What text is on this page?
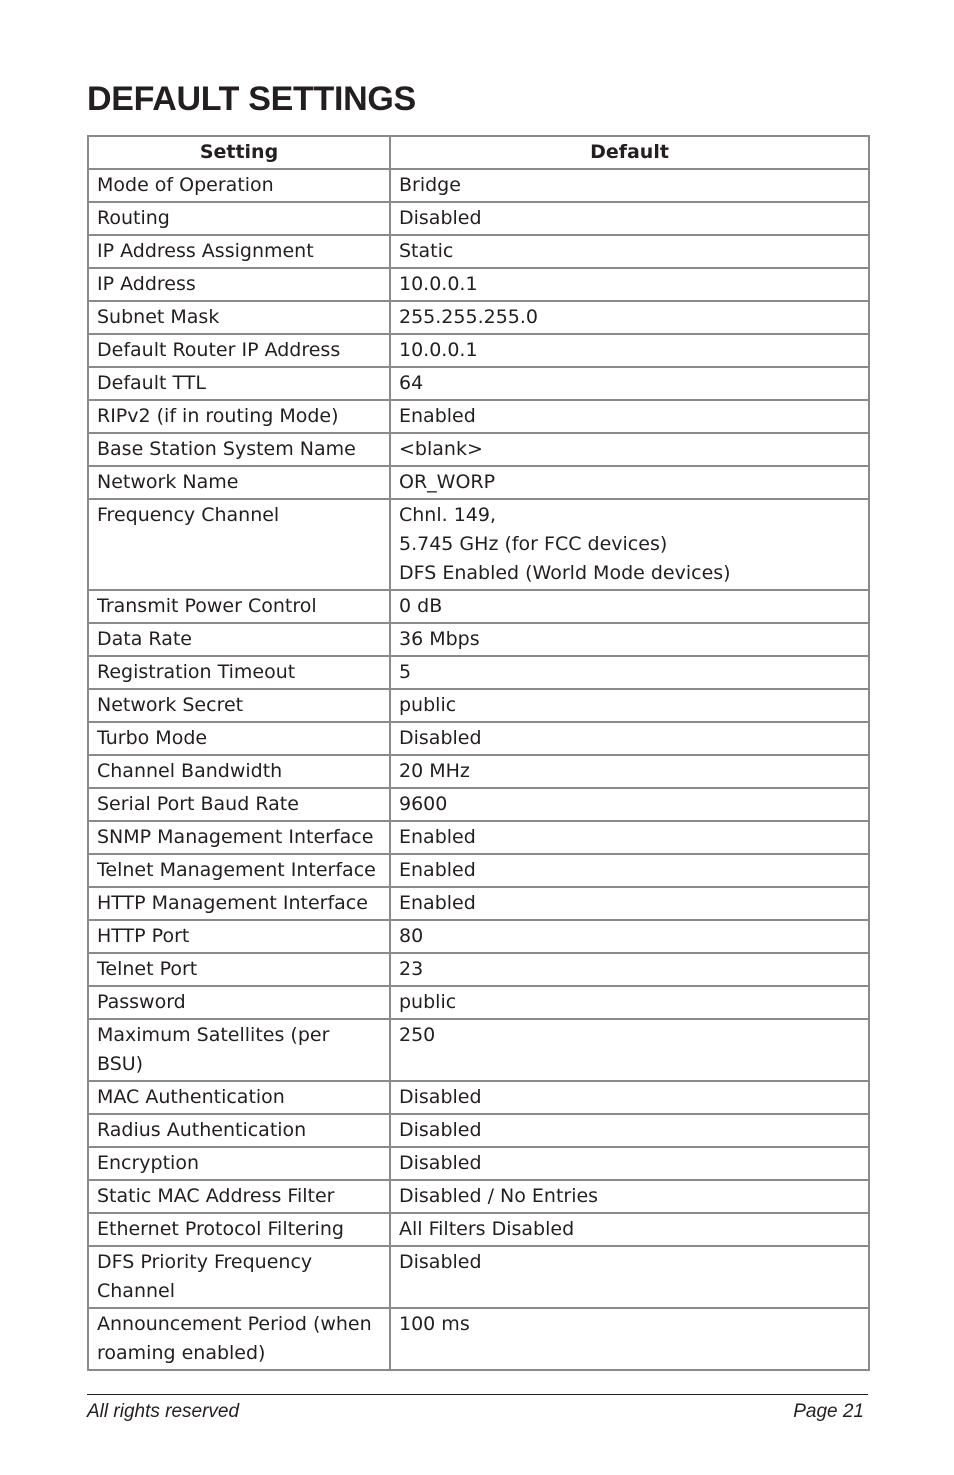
DEFAULT SETTINGS
Setting	Default
Mode of Operation	Bridge
Routing	Disabled
IP Address Assignment	Static
IP Address	10.0.0.1
Subnet Mask	255.255.255.0
Default Router IP Address	10.0.0.1
Default TTL	64
RIPv2 (if in routing Mode)	Enabled
Base Station System Name	<blank>
Network Name	OR_WORP
Frequency Channel	Chnl. 149,
5.745 GHz (for FCC devices)
DFS Enabled (World Mode devices)
Transmit Power Control	0 dB
Data Rate	36 Mbps
Registration Timeout	5
Network Secret	public
Turbo Mode	Disabled
Channel Bandwidth	20 MHz
Serial Port Baud Rate	9600
SNMP Management Interface	Enabled
Telnet Management Interface	Enabled
HTTP Management Interface	Enabled
HTTP Port	80
Telnet Port	23
Password	public
Maximum Satellites (per BSU)	250
MAC Authentication	Disabled
Radius Authentication	Disabled
Encryption	Disabled
Static MAC Address Filter	Disabled / No Entries
Ethernet Protocol Filtering	All Filters Disabled
DFS Priority Frequency Channel	Disabled
Announcement Period (when roaming enabled)	100 ms
All rights reserved	Page 21
